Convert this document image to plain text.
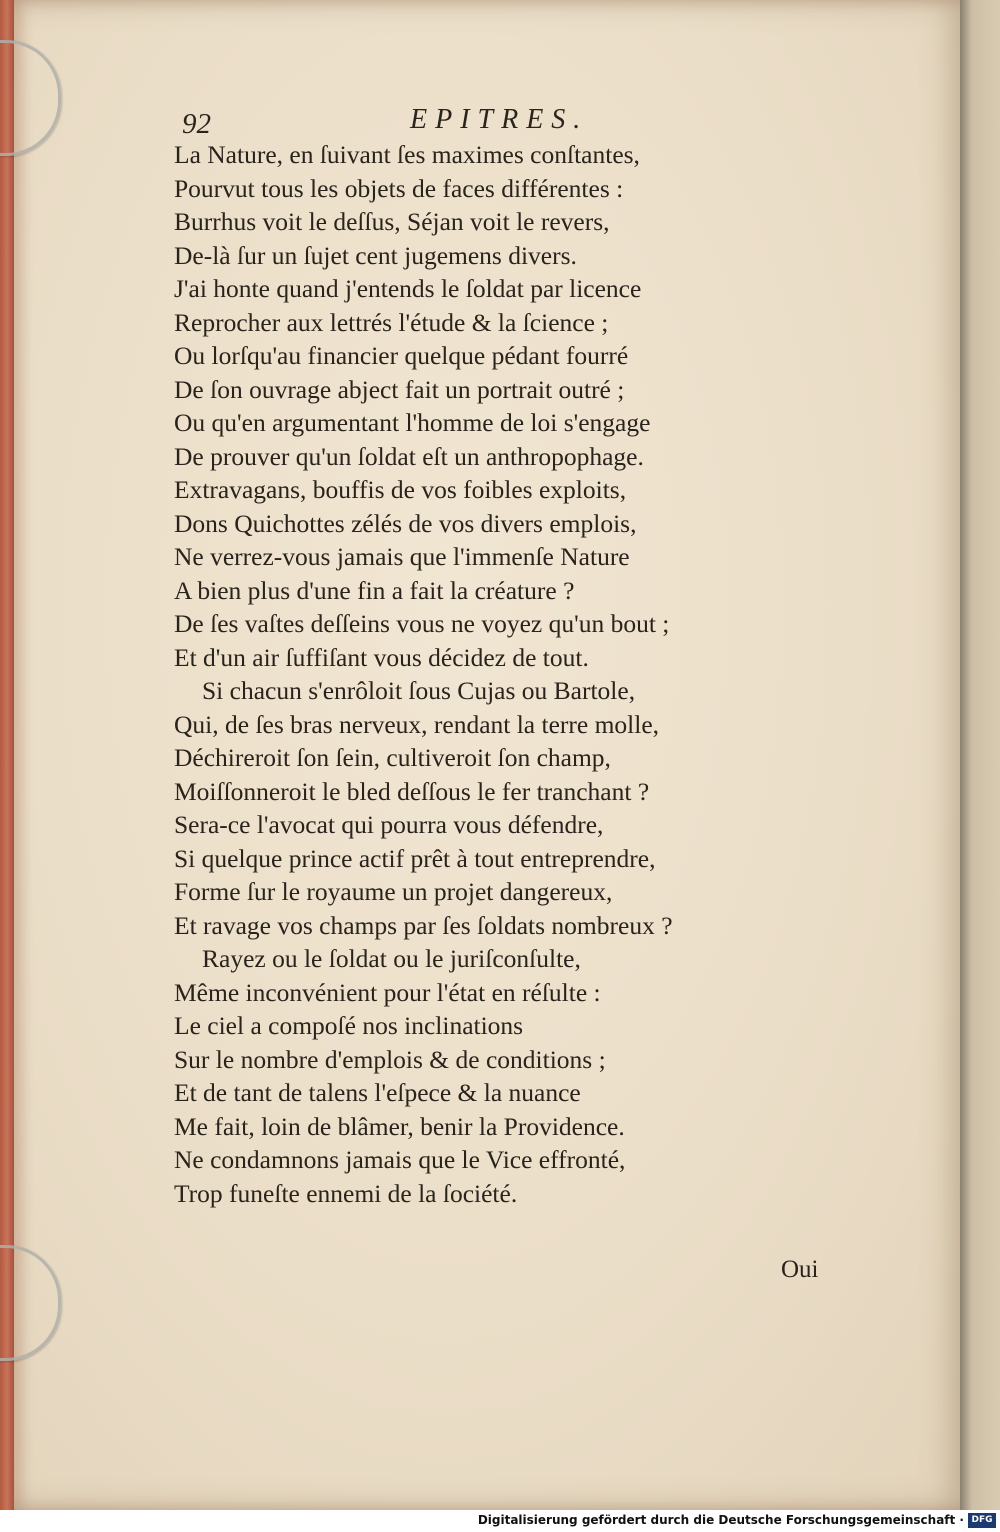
92	EPITRES.
La Nature, en ſuivant ſes maximes conſtantes,
Pourvut tous les objets de faces différentes :
Burrhus voit le deſſus, Séjan voit le revers,
De-là ſur un ſujet cent jugemens divers.
J'ai honte quand j'entends le ſoldat par licence
Reprocher aux lettrés l'étude & la ſcience ;
Ou lorſqu'au financier quelque pédant fourré
De ſon ouvrage abject fait un portrait outré ;
Ou qu'en argumentant l'homme de loi s'engage
De prouver qu'un ſoldat eſt un anthropophage.
Extravagans, bouffis de vos foibles exploits,
Dons Quichottes zélés de vos divers emplois,
Ne verrez-vous jamais que l'immenſe Nature
A bien plus d'une fin a fait la créature ?
De ſes vaſtes deſſeins vous ne voyez qu'un bout ;
Et d'un air ſuffiſant vous décidez de tout.
Si chacun s'enrôloit ſous Cujas ou Bartole,
Qui, de ſes bras nerveux, rendant la terre molle,
Déchireroit ſon ſein, cultiveroit ſon champ,
Moiſſonneroit le bled deſſous le fer tranchant ?
Sera-ce l'avocat qui pourra vous défendre,
Si quelque prince actif prêt à tout entreprendre,
Forme ſur le royaume un projet dangereux,
Et ravage vos champs par ſes ſoldats nombreux ?
Rayez ou le ſoldat ou le juriſconſulte,
Même inconvénient pour l'état en réſulte :
Le ciel a compoſé nos inclinations
Sur le nombre d'emplois & de conditions ;
Et de tant de talens l'eſpece & la nuance
Me fait, loin de blâmer, benir la Providence.
Ne condamnons jamais que le Vice effronté,
Trop funeſte ennemi de la ſociété.
Oui
Digitalisierung gefördert durch die Deutsche Forschungsgemeinschaft · DFG
